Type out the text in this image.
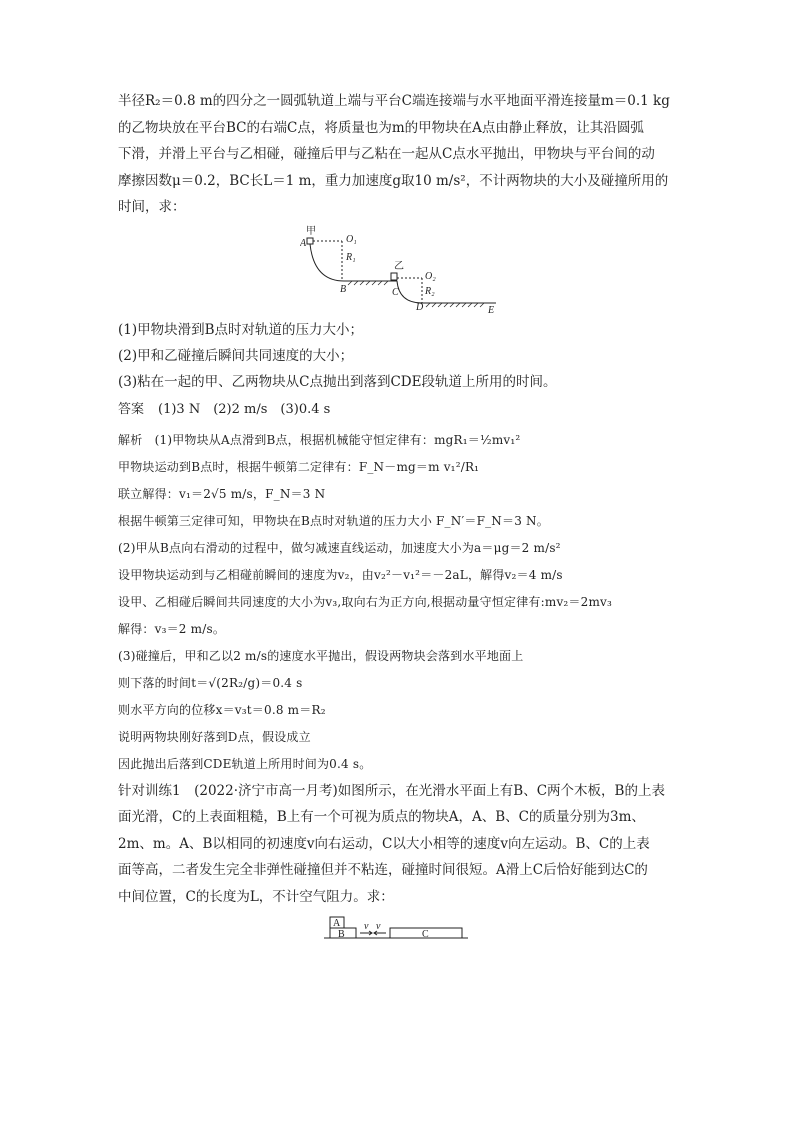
半径R₂＝0.8 m的四分之一圆弧轨道上端与平台C端连接端与水平地面平滑连接量m＝0.1 kg

的乙物块放在平台BC的右端C点，将质量也为m的甲物块在A点由静止释放，让其沿圆弧

下滑，并滑上平台与乙相碰，碰撞后甲与乙粘在一起从C点水平抛出，甲物块与平台间的动

摩擦因数μ＝0.2，BC长L＝1 m，重力加速度g取10 m/s²，不计两物块的大小及碰撞所用的

时间，求：

甲
A	O₁
R₁
B
乙
C
O₂
R₂
D	E

(1)甲物块滑到B点时对轨道的压力大小；

(2)甲和乙碰撞后瞬间共同速度的大小；

(3)粘在一起的甲、乙两物块从C点抛出到落到CDE段轨道上所用的时间。

答案 (1)3 N　(2)2 m/s　(3)0.4 s

解析　(1)甲物块从A点滑到B点，根据机械能守恒定律有：mgR₁＝½mv₁²

甲物块运动到B点时，根据牛顿第二定律有：F_N－mg＝m v₁²/R₁

联立解得：v₁＝2√5 m/s，F_N＝3 N

根据牛顿第三定律可知，甲物块在B点时对轨道的压力大小 F_N′＝F_N＝3 N。

(2)甲从B点向右滑动的过程中，做匀减速直线运动，加速度大小为a＝μg＝2 m/s²

设甲物块运动到与乙相碰前瞬间的速度为v₂，由v₂²－v₁²＝－2aL，解得v₂＝4 m/s

设甲、乙相碰后瞬间共同速度的大小为v₃,取向右为正方向,根据动量守恒定律有:mv₂＝2mv₃

解得：v₃＝2 m/s。

(3)碰撞后，甲和乙以2 m/s的速度水平抛出，假设两物块会落到水平地面上

则下落的时间t＝√(2R₂/g)＝0.4 s

则水平方向的位移x＝v₃t＝0.8 m＝R₂

说明两物块刚好落到D点，假设成立

因此抛出后落到CDE轨道上所用时间为0.4 s。

针对训练1　(2022·济宁市高一月考)如图所示，在光滑水平面上有B、C两个木板，B的上表

面光滑，C的上表面粗糙，B上有一个可视为质点的物块A，A、B、C的质量分别为3m、

2m、m。A、B以相同的初速度v向右运动，C以大小相等的速度v向左运动。B、C的上表

面等高，二者发生完全非弹性碰撞但并不粘连，碰撞时间很短。A滑上C后恰好能到达C的

中间位置，C的长度为L，不计空气阻力。求：

A
B
v v
C
